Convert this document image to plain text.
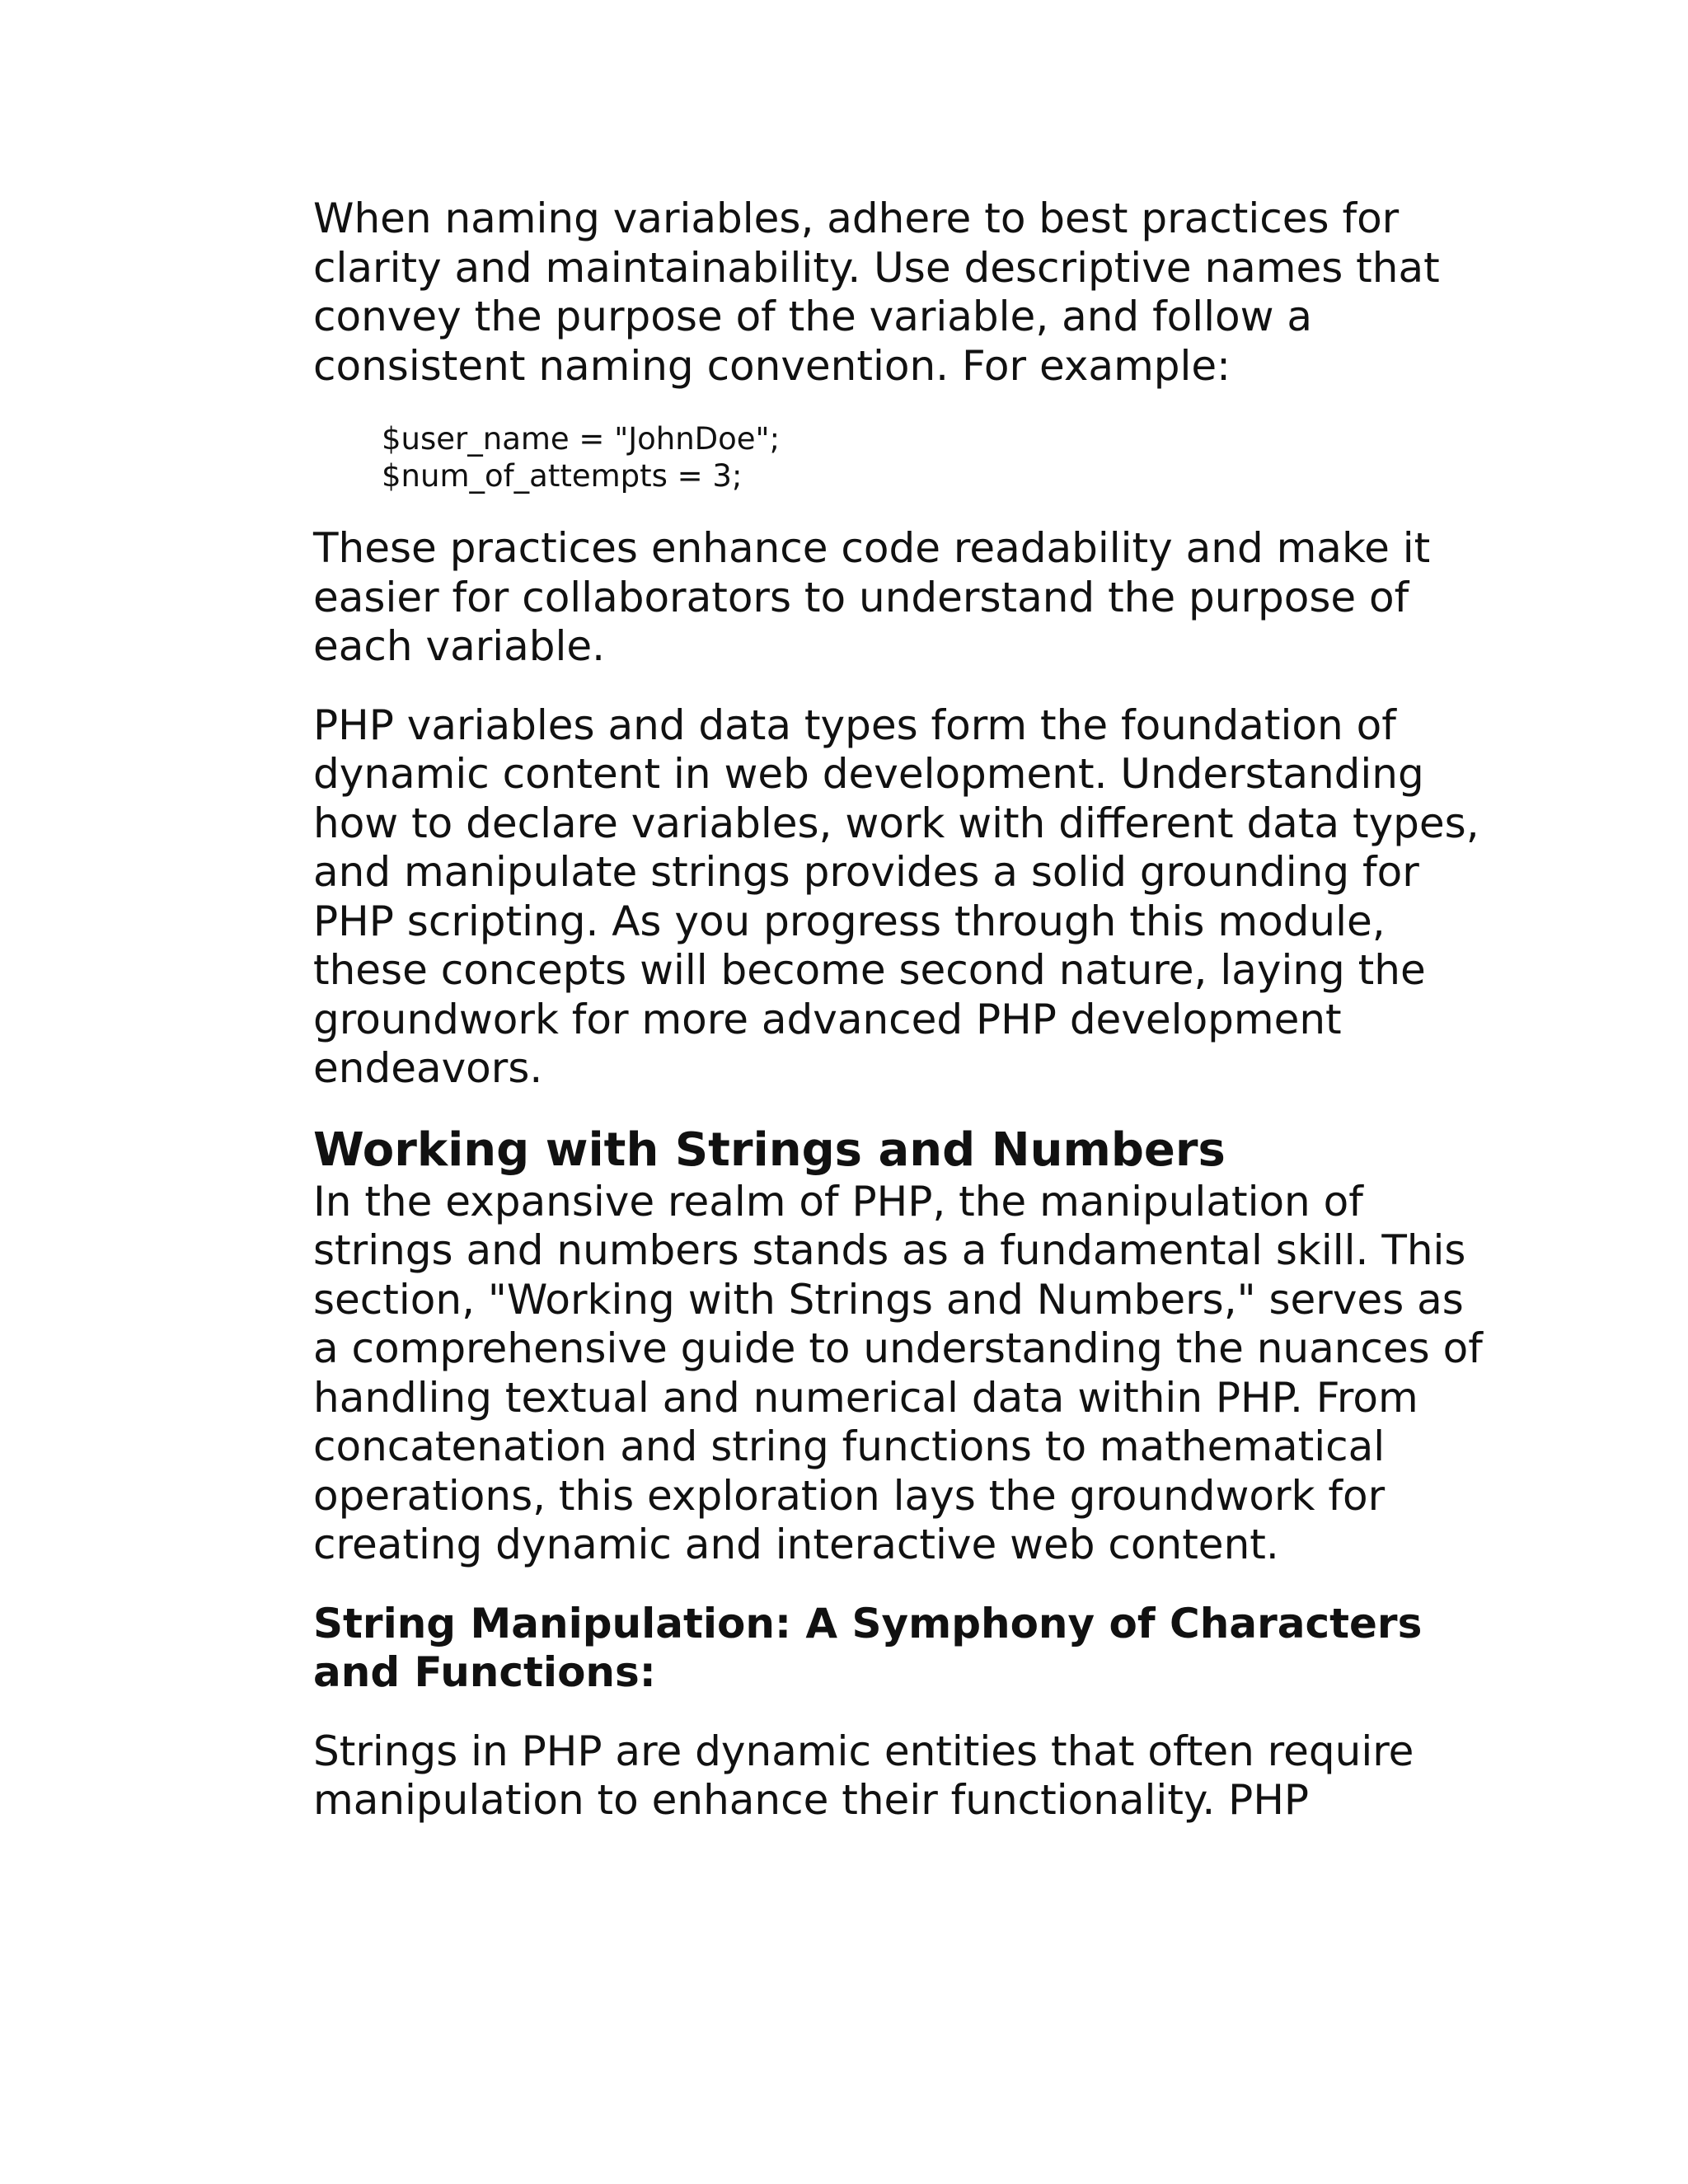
When naming variables, adhere to best practices for clarity and maintainability. Use descriptive names that convey the purpose of the variable, and follow a consistent naming convention. For example:

$user_name = "JohnDoe";
$num_of_attempts = 3;

These practices enhance code readability and make it easier for collaborators to understand the purpose of each variable.

PHP variables and data types form the foundation of dynamic content in web development. Understanding how to declare variables, work with different data types, and manipulate strings provides a solid grounding for PHP scripting. As you progress through this module, these concepts will become second nature, laying the groundwork for more advanced PHP development endeavors.

Working with Strings and Numbers

In the expansive realm of PHP, the manipulation of strings and numbers stands as a fundamental skill. This section, "Working with Strings and Numbers," serves as a comprehensive guide to understanding the nuances of handling textual and numerical data within PHP. From concatenation and string functions to mathematical operations, this exploration lays the groundwork for creating dynamic and interactive web content.

String Manipulation: A Symphony of Characters and Functions:

Strings in PHP are dynamic entities that often require manipulation to enhance their functionality. PHP
